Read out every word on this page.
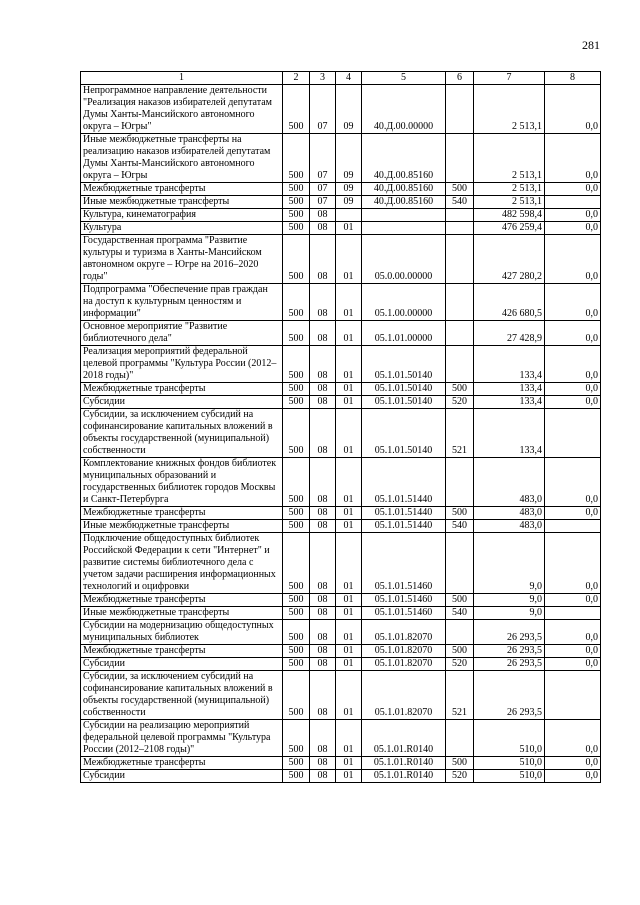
281
1	2	3	4	5	6	7	8
Непрограммное направление деятельности "Реализация наказов избирателей депутатам Думы Ханты-Мансийского автономного округа – Югры"	500	07	09	40.Д.00.00000		2 513,1	0,0
Иные межбюджетные трансферты на реализацию наказов избирателей депутатам Думы Ханты-Мансийского автономного округа – Югры	500	07	09	40.Д.00.85160		2 513,1	0,0
Межбюджетные трансферты	500	07	09	40.Д.00.85160	500	2 513,1	0,0
Иные межбюджетные трансферты	500	07	09	40.Д.00.85160	540	2 513,1	
Культура, кинематография	500	08				482 598,4	0,0
Культура	500	08	01			476 259,4	0,0
Государственная программа "Развитие культуры и туризма в Ханты-Мансийском автономном округе – Югре на 2016–2020 годы"	500	08	01	05.0.00.00000		427 280,2	0,0
Подпрограмма "Обеспечение прав граждан на доступ к культурным ценностям и информации"	500	08	01	05.1.00.00000		426 680,5	0,0
Основное мероприятие "Развитие библиотечного дела"	500	08	01	05.1.01.00000		27 428,9	0,0
Реализация мероприятий федеральной целевой программы "Культура России (2012–2018 годы)"	500	08	01	05.1.01.50140		133,4	0,0
Межбюджетные трансферты	500	08	01	05.1.01.50140	500	133,4	0,0
Субсидии	500	08	01	05.1.01.50140	520	133,4	0,0
Субсидии, за исключением субсидий на софинансирование капитальных вложений в объекты государственной (муниципальной) собственности	500	08	01	05.1.01.50140	521	133,4	
Комплектование книжных фондов библиотек муниципальных образований и государственных библиотек городов Москвы и Санкт-Петербурга	500	08	01	05.1.01.51440		483,0	0,0
Межбюджетные трансферты	500	08	01	05.1.01.51440	500	483,0	0,0
Иные межбюджетные трансферты	500	08	01	05.1.01.51440	540	483,0	
Подключение общедоступных библиотек Российской Федерации к сети "Интернет" и развитие системы библиотечного дела с учетом задачи расширения информационных технологий и оцифровки	500	08	01	05.1.01.51460		9,0	0,0
Межбюджетные трансферты	500	08	01	05.1.01.51460	500	9,0	0,0
Иные межбюджетные трансферты	500	08	01	05.1.01.51460	540	9,0	
Субсидии на модернизацию общедоступных муниципальных библиотек	500	08	01	05.1.01.82070		26 293,5	0,0
Межбюджетные трансферты	500	08	01	05.1.01.82070	500	26 293,5	0,0
Субсидии	500	08	01	05.1.01.82070	520	26 293,5	0,0
Субсидии, за исключением субсидий на софинансирование капитальных вложений в объекты государственной (муниципальной) собственности	500	08	01	05.1.01.82070	521	26 293,5	
Субсидии на реализацию мероприятий федеральной целевой программы "Культура России (2012–2108 годы)"	500	08	01	05.1.01.R0140		510,0	0,0
Межбюджетные трансферты	500	08	01	05.1.01.R0140	500	510,0	0,0
Субсидии	500	08	01	05.1.01.R0140	520	510,0	0,0
